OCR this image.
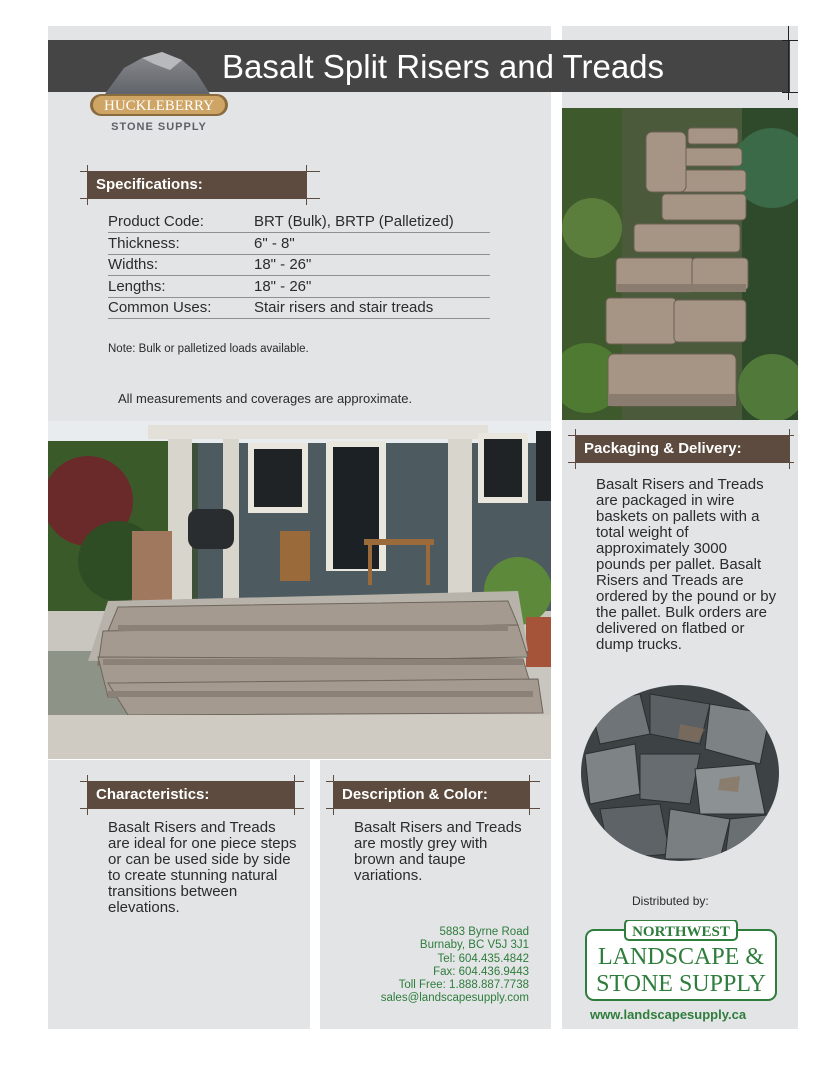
Basalt Split Risers and Treads
HUCKLEBERRY
STONE SUPPLY
Specifications:
Product Code:	BRT (Bulk), BRTP (Palletized)
Thickness:	6" - 8"
Widths:	18" - 26"
Lengths:	18" - 26"
Common Uses:	Stair risers and stair treads
Note: Bulk or palletized loads available.
All measurements and coverages are approximate.
Packaging & Delivery:
Basalt Risers and Treads are packaged in wire baskets on pallets with a total weight of approximately 3000 pounds per pallet. Basalt Risers and Treads are ordered by the pound or by the pallet. Bulk orders are delivered on flatbed or dump trucks.
Characteristics:
Basalt Risers and Treads are ideal for one piece steps or can be used side by side to create stunning natural transitions between elevations.
Description & Color:
Basalt Risers and Treads are mostly grey with brown and taupe variations.
5883 Byrne Road
Burnaby, BC V5J 3J1
Tel: 604.435.4842
Fax: 604.436.9443
Toll Free: 1.888.887.7738
sales@landscapesupply.com
Distributed by:
NORTHWEST
LANDSCAPE &
STONE SUPPLY
www.landscapesupply.ca
